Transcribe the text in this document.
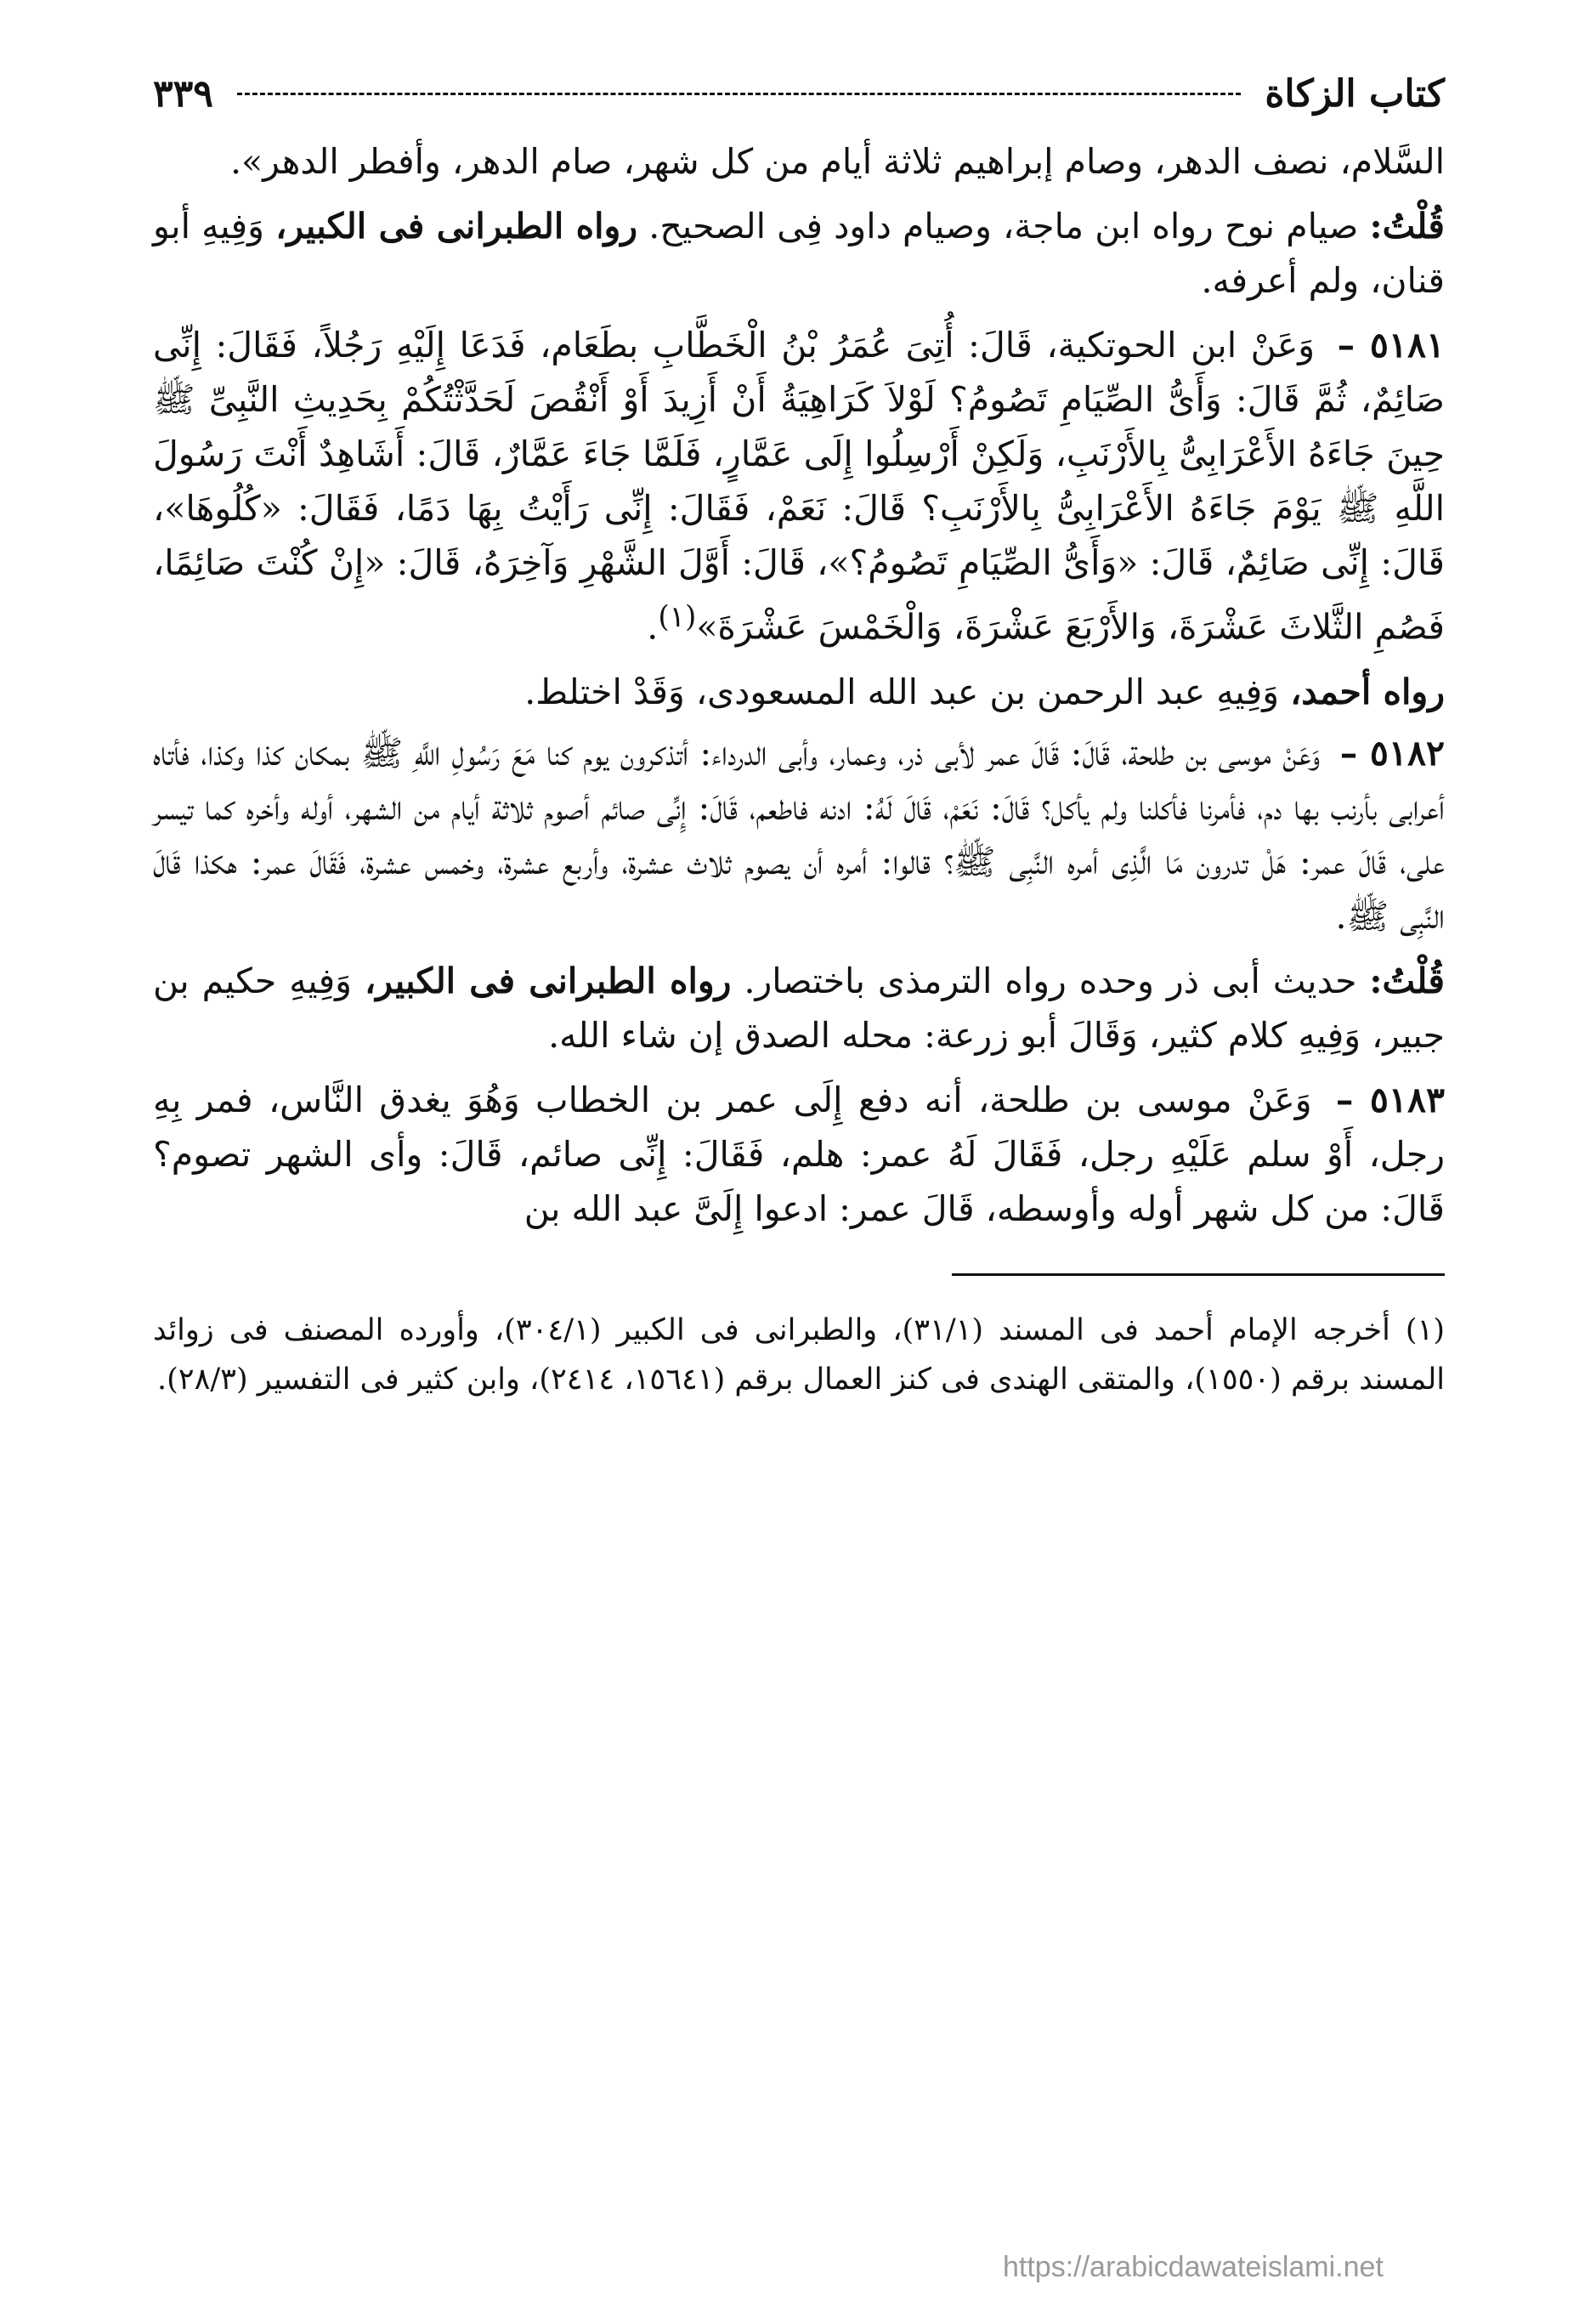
كتاب الزكاة
٣٣٩

السَّلام، نصف الدهر، وصام إبراهيم ثلاثة أيام من كل شهر، صام الدهر، وأفطر الدهر».

قُلْتُ: صيام نوح رواه ابن ماجة، وصيام داود فِى الصحيح. رواه الطبرانى فى الكبير، وَفِيهِ أبو قنان، ولم أعرفه.

٥١٨١ – وَعَنْ ابن الحوتكية، قَالَ: أُتِىَ عُمَرُ بْنُ الْخَطَّابِ بطَعَام، فَدَعَا إِلَيْهِ رَجُلاً، فَقَالَ: إِنِّى صَائِمٌ، ثُمَّ قَالَ: وَأَىُّ الصِّيَامِ تَصُومُ؟ لَوْلاَ كَرَاهِيَةُ أَنْ أَزِيدَ أَوْ أَنْقُصَ لَحَدَّثْتُكُمْ بِحَدِيثِ النَّبِىِّ ﷺ حِينَ جَاءَهُ الأَعْرَابِىُّ بِالأَرْنَبِ، وَلَكِنْ أَرْسِلُوا إِلَى عَمَّارٍ، فَلَمَّا جَاءَ عَمَّارٌ، قَالَ: أَشَاهِدٌ أَنْتَ رَسُولَ اللَّهِ ﷺ يَوْمَ جَاءَهُ الأَعْرَابِىُّ بِالأَرْنَبِ؟ قَالَ: نَعَمْ، فَقَالَ: إِنِّى رَأَيْتُ بِهَا دَمًا، فَقَالَ: «كُلُوهَا»، قَالَ: إِنِّى صَائِمٌ، قَالَ: «وَأَىُّ الصِّيَامِ تَصُومُ؟»، قَالَ: أَوَّلَ الشَّهْرِ وَآخِرَهُ، قَالَ: «إِنْ كُنْتَ صَائِمًا، فَصُمِ الثَّلاثَ عَشْرَةَ، وَالأَرْبَعَ عَشْرَةَ، وَالْخَمْسَ عَشْرَةَ»$^{(١)}$.

رواه أحمد، وَفِيهِ عبد الرحمن بن عبد الله المسعودى، وَقَدْ اختلط.

٥١٨٢ – وَعَنْ موسى بن طلحة، قَالَ: قَالَ عمر لأبى ذر، وعمار، وأبى الدرداء: أتذكرون يوم كنا مَعَ رَسُولِ اللَّهِ ﷺ بمكان كذا وكذا، فأتاه أعرابى بأرنب بها دم، فأمرنا فأكلنا ولم يأكل؟ قَالَ: نَعَمْ، قَالَ لَهُ: ادنه فاطعم، قَالَ: إِنِّى صائم أصوم ثلاثة أيام من الشهر، أوله وأخره كما تيسر على، قَالَ عمر: هَلْ تدرون مَا الَّذِى أمره النَّبِى ﷺ؟ قالوا: أمره أن يصوم ثلاث عشرة، وأربع عشرة، وخمس عشرة، فَقَالَ عمر: هكذا قَالَ النَّبِى ﷺ.

قُلْتُ: حديث أبى ذر وحده رواه الترمذى باختصار. رواه الطبرانى فى الكبير، وَفِيهِ حكيم بن جبير، وَفِيهِ كلام كثير، وَقَالَ أبو زرعة: محله الصدق إن شاء الله.

٥١٨٣ – وَعَنْ موسى بن طلحة، أنه دفع إِلَى عمر بن الخطاب وَهُوَ يغدق النَّاس، فمر بِهِ رجل، أَوْ سلم عَلَيْهِ رجل، فَقَالَ لَهُ عمر: هلم، فَقَالَ: إِنِّى صائم، قَالَ: وأى الشهر تصوم؟ قَالَ: من كل شهر أوله وأوسطه، قَالَ عمر: ادعوا إِلَىَّ عبد الله بن

(١) أخرجه الإمام أحمد فى المسند (٣١/١)، والطبرانى فى الكبير (٣٠٤/١)، وأورده المصنف فى زوائد المسند برقم (١٥٥٠)، والمتقى الهندى فى كنز العمال برقم (١٥٦٤١، ٢٤١٤)، وابن كثير فى التفسير (٢٨/٣).

https://arabicdawateislami.net
